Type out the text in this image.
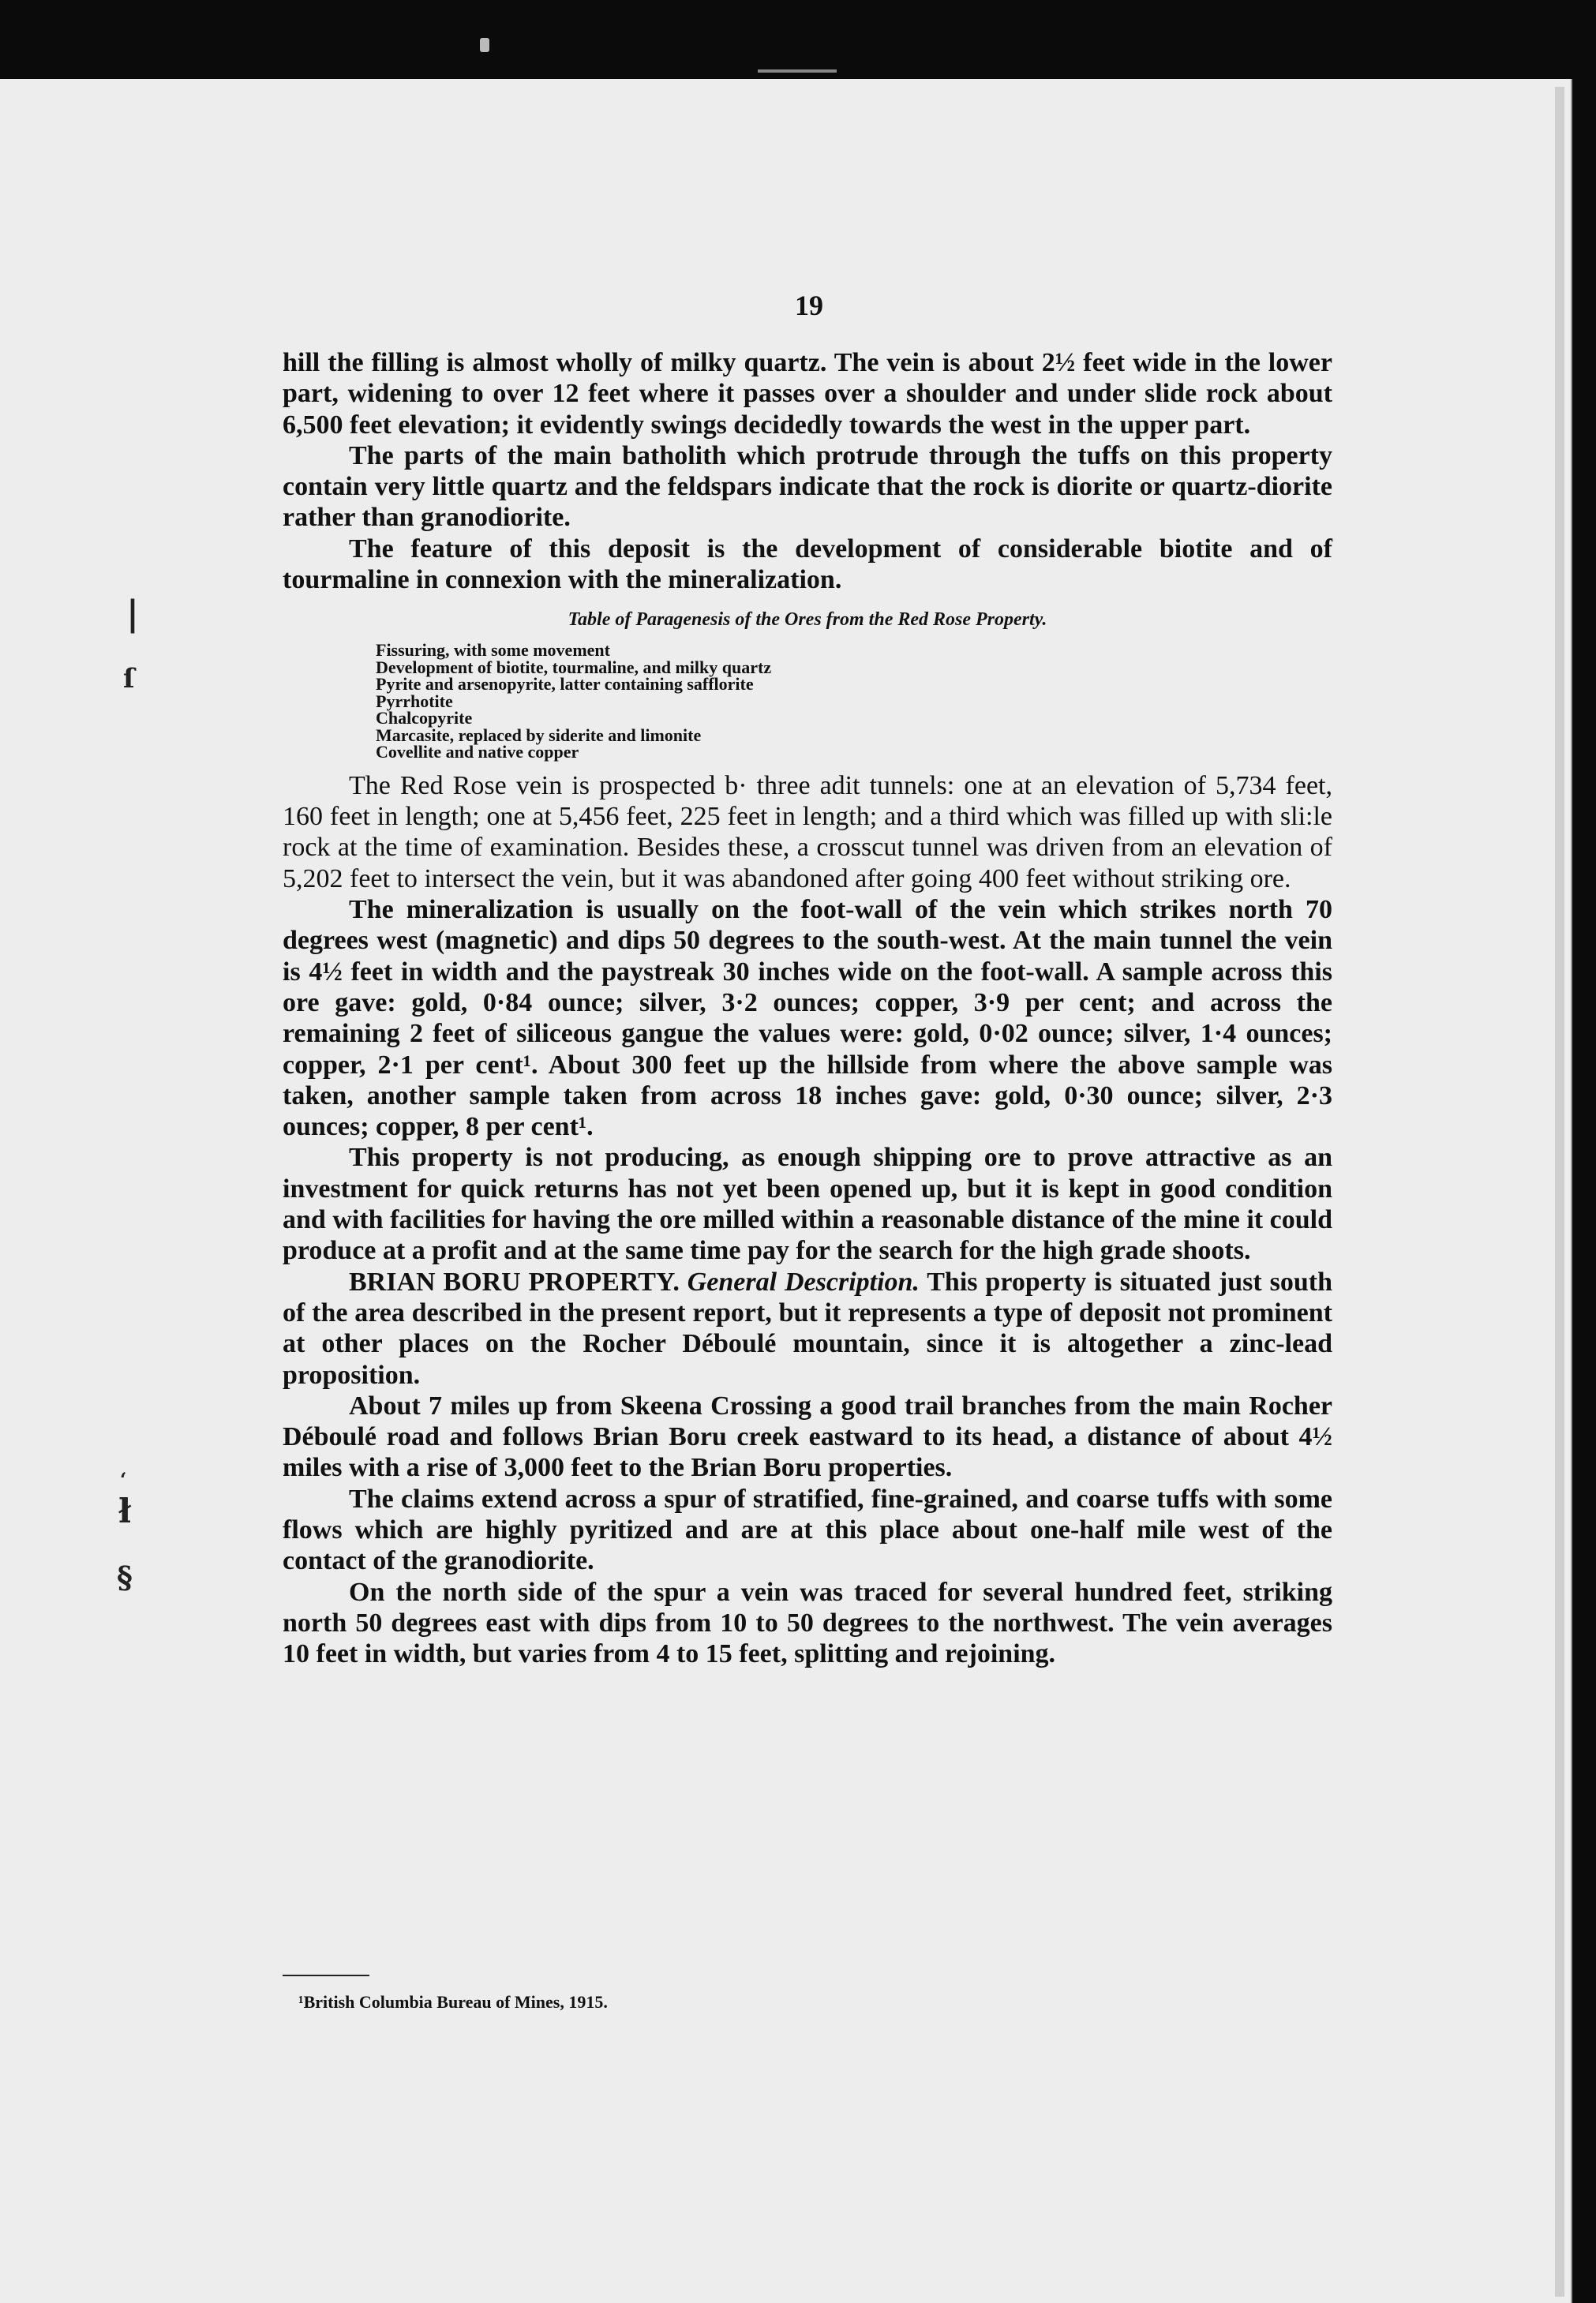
|
ſ
‘
ł
§
19

hill the filling is almost wholly of milky quartz. The vein is about 2½ feet wide in the lower part, widening to over 12 feet where it passes over a shoulder and under slide rock about 6,500 feet elevation; it evidently swings decidedly towards the west in the upper part.

The parts of the main batholith which protrude through the tuffs on this property contain very little quartz and the feldspars indicate that the rock is diorite or quartz-diorite rather than granodiorite.

The feature of this deposit is the development of considerable biotite and of tourmaline in connexion with the mineralization.

Table of Paragenesis of the Ores from the Red Rose Property.
Fissuring, with some movement
Development of biotite, tourmaline, and milky quartz
Pyrite and arsenopyrite, latter containing safflorite
Pyrrhotite
Chalcopyrite
Marcasite, replaced by siderite and limonite
Covellite and native copper

The Red Rose vein is prospected b· three adit tunnels: one at an elevation of 5,734 feet, 160 feet in length; one at 5,456 feet, 225 feet in length; and a third which was filled up with sli:le rock at the time of examination. Besides these, a crosscut tunnel was driven from an elevation of 5,202 feet to intersect the vein, but it was abandoned after going 400 feet without striking ore.

The mineralization is usually on the foot-wall of the vein which strikes north 70 degrees west (magnetic) and dips 50 degrees to the south-west. At the main tunnel the vein is 4½ feet in width and the paystreak 30 inches wide on the foot-wall. A sample across this ore gave: gold, 0·84 ounce; silver, 3·2 ounces; copper, 3·9 per cent; and across the remaining 2 feet of siliceous gangue the values were: gold, 0·02 ounce; silver, 1·4 ounces; copper, 2·1 per cent¹. About 300 feet up the hillside from where the above sample was taken, another sample taken from across 18 inches gave: gold, 0·30 ounce; silver, 2·3 ounces; copper, 8 per cent¹.

This property is not producing, as enough shipping ore to prove attractive as an investment for quick returns has not yet been opened up, but it is kept in good condition and with facilities for having the ore milled within a reasonable distance of the mine it could produce at a profit and at the same time pay for the search for the high grade shoots.

BRIAN BORU PROPERTY. General Description. This property is situated just south of the area described in the present report, but it represents a type of deposit not prominent at other places on the Rocher Déboulé mountain, since it is altogether a zinc-lead proposition.

About 7 miles up from Skeena Crossing a good trail branches from the main Rocher Déboulé road and follows Brian Boru creek eastward to its head, a distance of about 4½ miles with a rise of 3,000 feet to the Brian Boru properties.

The claims extend across a spur of stratified, fine-grained, and coarse tuffs with some flows which are highly pyritized and are at this place about one-half mile west of the contact of the granodiorite.

On the north side of the spur a vein was traced for several hundred feet, striking north 50 degrees east with dips from 10 to 50 degrees to the northwest. The vein averages 10 feet in width, but varies from 4 to 15 feet, splitting and rejoining.

¹British Columbia Bureau of Mines, 1915.
